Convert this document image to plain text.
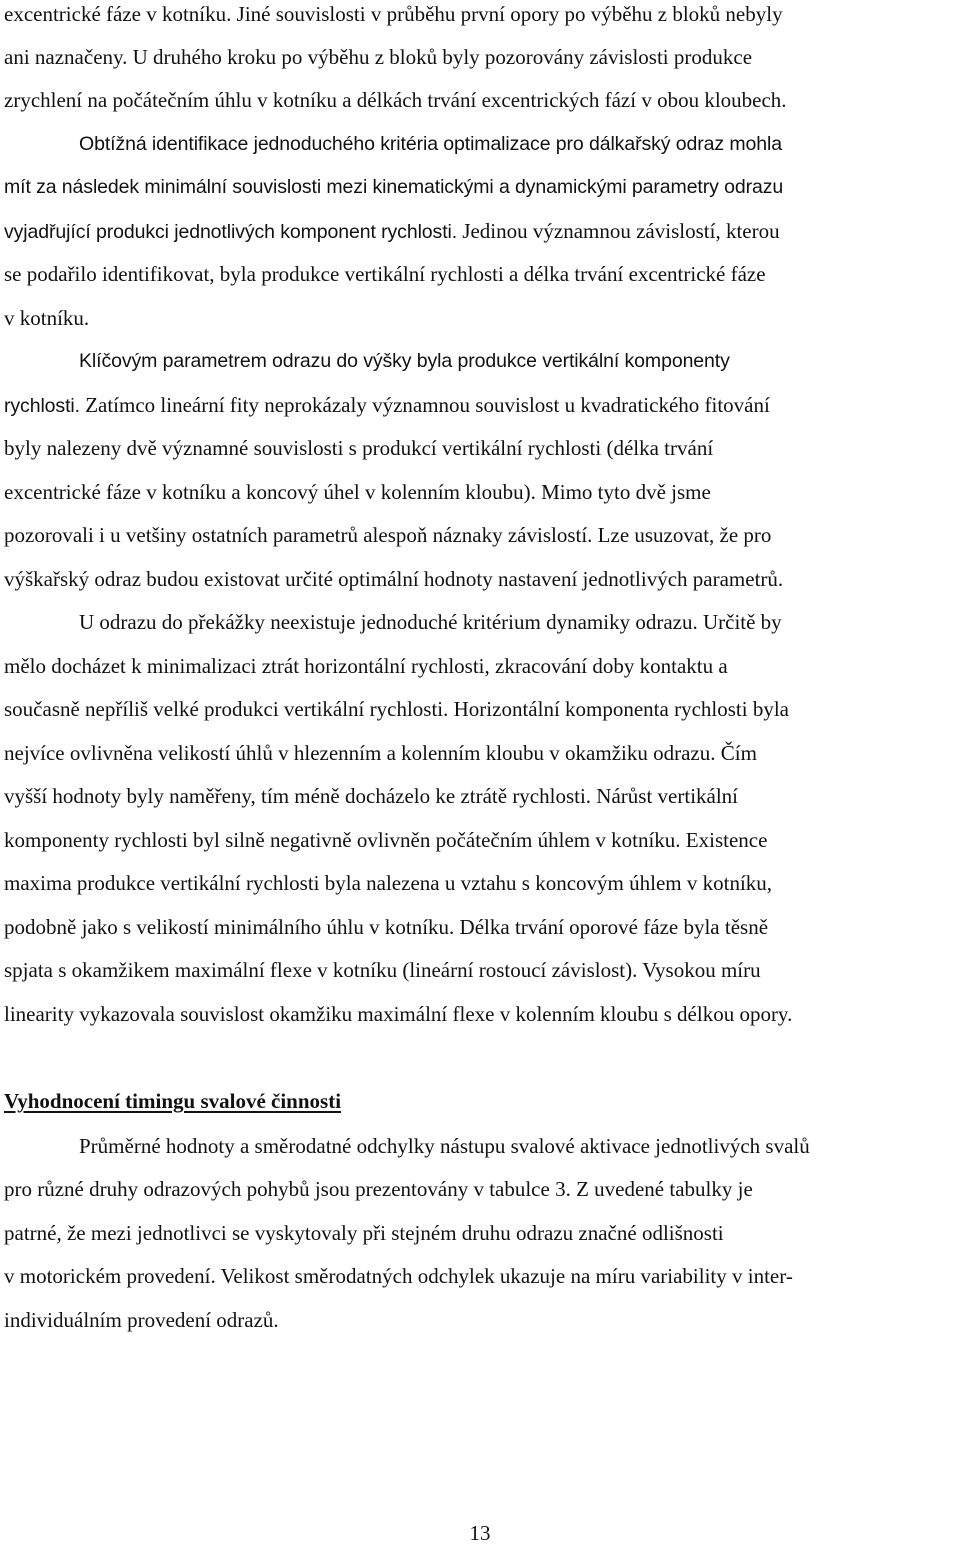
excentrické fáze v kotníku. Jiné souvislosti v průběhu první opory po výběhu z bloků nebyly
ani naznačeny. U druhého kroku po výběhu z bloků byly pozorovány závislosti produkce
zrychlení na počátečním úhlu v kotníku a délkách trvání excentrických fází v obou kloubech.
Obtížná identifikace jednoduchého kritéria optimalizace pro dálkařský odraz mohla
mít za následek minimální souvislosti mezi kinematickými a dynamickými parametry odrazu
vyjadřující produkci jednotlivých komponent rychlosti. Jedinou významnou závislostí, kterou
se podařilo identifikovat, byla produkce vertikální rychlosti a délka trvání excentrické fáze
v kotníku.
Klíčovým parametrem odrazu do výšky byla produkce vertikální komponenty
rychlosti. Zatímco lineární fity neprokázaly významnou souvislost u kvadratického fitování
byly nalezeny dvě významné souvislosti s produkcí vertikální rychlosti (délka trvání
excentrické fáze v kotníku a koncový úhel v kolenním kloubu). Mimo tyto dvě jsme
pozorovali i u vetšiny ostatních parametrů alespoň náznaky závislostí. Lze usuzovat, že pro
výškařský odraz budou existovat určité optimální hodnoty nastavení jednotlivých parametrů.
U odrazu do překážky neexistuje jednoduché kritérium dynamiky odrazu. Určitě by
mělo docházet k minimalizaci ztrát horizontální rychlosti, zkracování doby kontaktu a
současně nepříliš velké produkci vertikální rychlosti. Horizontální komponenta rychlosti byla
nejvíce ovlivněna velikostí úhlů v hlezenním a kolenním kloubu v okamžiku odrazu. Čím
vyšší hodnoty byly naměřeny, tím méně docházelo ke ztrátě rychlosti. Nárůst vertikální
komponenty rychlosti byl silně negativně ovlivněn počátečním úhlem v kotníku. Existence
maxima produkce vertikální rychlosti byla nalezena u vztahu s koncovým úhlem v kotníku,
podobně jako s velikostí minimálního úhlu v kotníku. Délka trvání oporové fáze byla těsně
spjata s okamžikem maximální flexe v kotníku (lineární rostoucí závislost). Vysokou míru
linearity vykazovala souvislost okamžiku maximální flexe v kolenním kloubu s délkou opory.
Vyhodnocení timingu svalové činnosti
Průměrné hodnoty a směrodatné odchylky nástupu svalové aktivace jednotlivých svalů
pro různé druhy odrazových pohybů jsou prezentovány v tabulce 3. Z uvedené tabulky je
patrné, že mezi jednotlivci se vyskytovaly při stejném druhu odrazu značné odlišnosti
v motorickém provedení. Velikost směrodatných odchylek ukazuje na míru variability v inter-
individuálním provedení odrazů.
13
